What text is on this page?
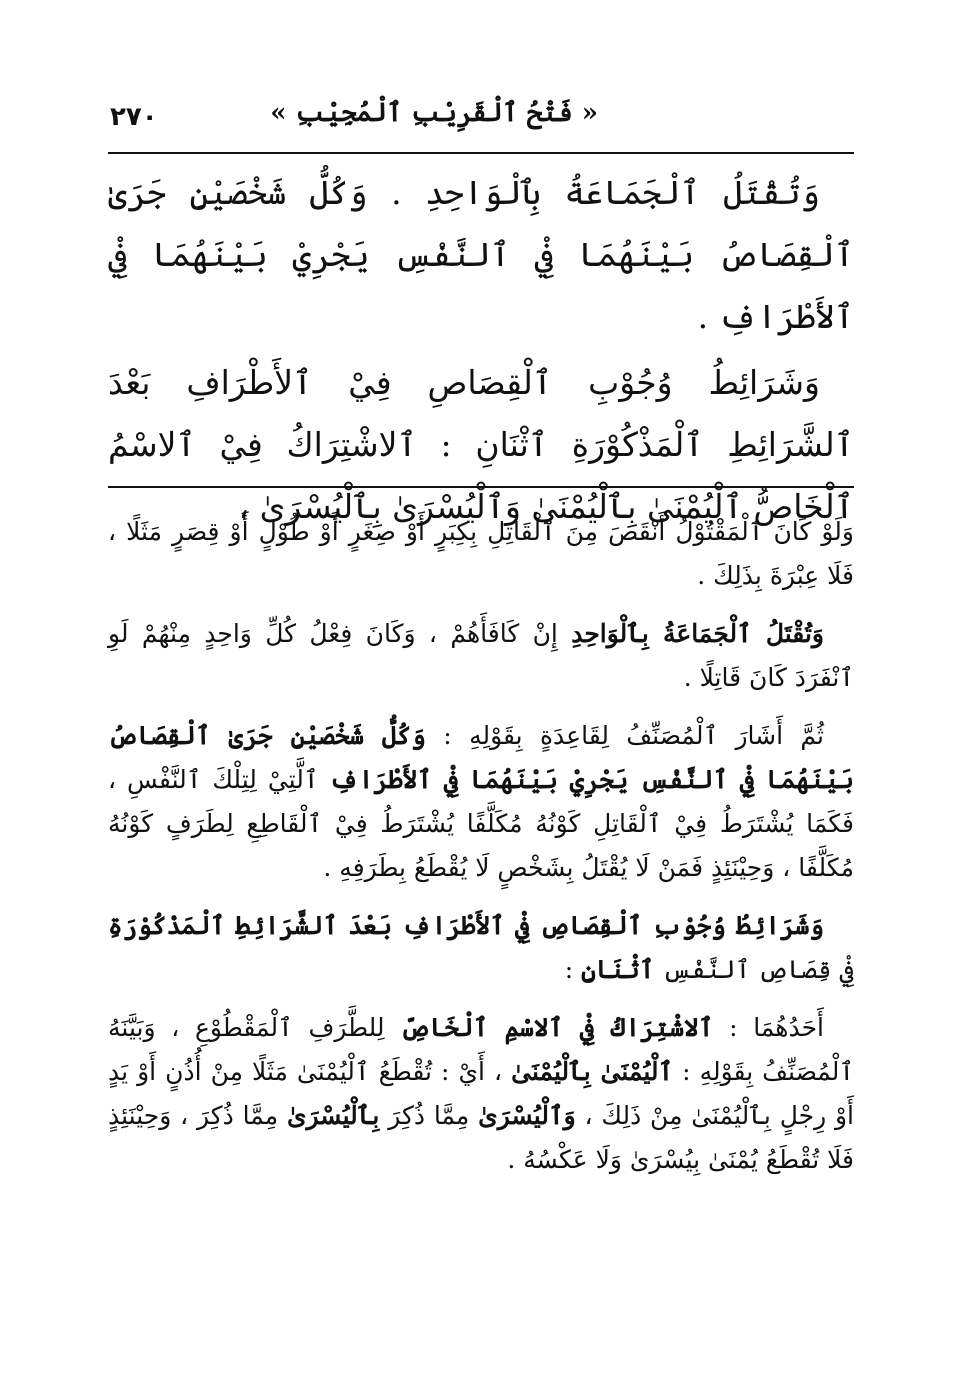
٢٧٠	« فَتْحُ ٱلْقَرِيْبِ ٱلْمُجِيْبِ »

وَتُقْتَلُ ٱلْجَمَاعَةُ بِٱلْوَاحِدِ . وَكُلُّ شَخْصَيْنِ جَرَىٰ ٱلْقِصَاصُ بَيْنَهُمَا فِيْ ٱلنَّفْسِ يَجْرِيْ بَيْنَهُمَا فِيْ ٱلأَطْرَافِ .

وَشَرَائِطُ وُجُوْبِ ٱلْقِصَاصِ فِيْ ٱلأَطْرَافِ بَعْدَ ٱلشَّرَائِطِ ٱلْمَذْكُوْرَةِ ٱثْنَانِ : ٱلاشْتِرَاكُ فِيْ ٱلاسْمُ ٱلْخَاصُّ ٱلْيُمْنَىٰ بِٱلْيُمْنَىٰ وَٱلْيُسْرَىٰ بِٱلْيُسْرَىٰ ،

وَلَوْ كَانَ ٱلْمَقْتُوْلُ أَنْقَصَ مِنَ ٱلْقَاتِلِ بِكِبَرٍ أَوْ صِغَرٍ أَوْ طُوْلٍ أَوْ قِصَرٍ مَثَلًا ، فَلَا عِبْرَةَ بِذَلِكَ .

وَتُقْتَلُ ٱلْجَمَاعَةُ بِٱلْوَاحِدِ إِنْ كَافَأَهُمْ ، وَكَانَ فِعْلُ كُلِّ وَاحِدٍ مِنْهُمْ لَوِ ٱنْفَرَدَ كَانَ قَاتِلًا .

ثُمَّ أَشَارَ ٱلْمُصَنِّفُ لِقَاعِدَةٍ بِقَوْلِهِ : وَكُلُّ شَخْصَيْنِ جَرَىٰ ٱلْقِصَاصُ بَيْنَهُمَا فِيْ ٱلنَّفْسِ يَجْرِيْ بَيْنَهُمَا فِيْ ٱلأَطْرَافِ ٱلَّتِيْ لِتِلْكَ ٱلنَّفْسِ ، فَكَمَا يُشْتَرَطُ فِيْ ٱلْقَاتِلِ كَوْنُهُ مُكَلَّفًا يُشْتَرَطُ فِيْ ٱلْقَاطِعِ لِطَرَفٍ كَوْنُهُ مُكَلَّفًا ، وَحِيْنَئِذٍ فَمَنْ لَا يُقْتَلُ بِشَخْصٍ لَا يُقْطَعُ بِطَرَفِهِ .

وَشَرَائِطُ وُجُوْبِ ٱلْقِصَاصِ فِيْ ٱلأَطْرَافِ بَعْدَ ٱلشَّرَائِطِ ٱلْمَذْكُوْرَةِ فِيْ قِصَاصِ ٱلنَّفْسِ ٱثْنَانِ :

أَحَدُهُمَا : ٱلاشْتِرَاكُ فِيْ ٱلاسْمِ ٱلْخَاصِّ لِلطَّرَفِ ٱلْمَقْطُوْعِ ، وَبَيَّنَهُ ٱلْمُصَنِّفُ بِقَوْلِهِ : ٱلْيُمْنَىٰ بِٱلْيُمْنَىٰ ، أَيْ : تُقْطَعُ ٱلْيُمْنَىٰ مَثَلًا مِنْ أُذُنٍ أَوْ يَدٍ أَوْ رِجْلٍ بِٱلْيُمْنَىٰ مِنْ ذَلِكَ ، وَٱلْيُسْرَىٰ مِمَّا ذُكِرَ بِٱلْيُسْرَىٰ مِمَّا ذُكِرَ ، وَحِيْنَئِذٍ فَلَا تُقْطَعُ يُمْنَىٰ بِيُسْرَىٰ وَلَا عَكْسُهُ .
